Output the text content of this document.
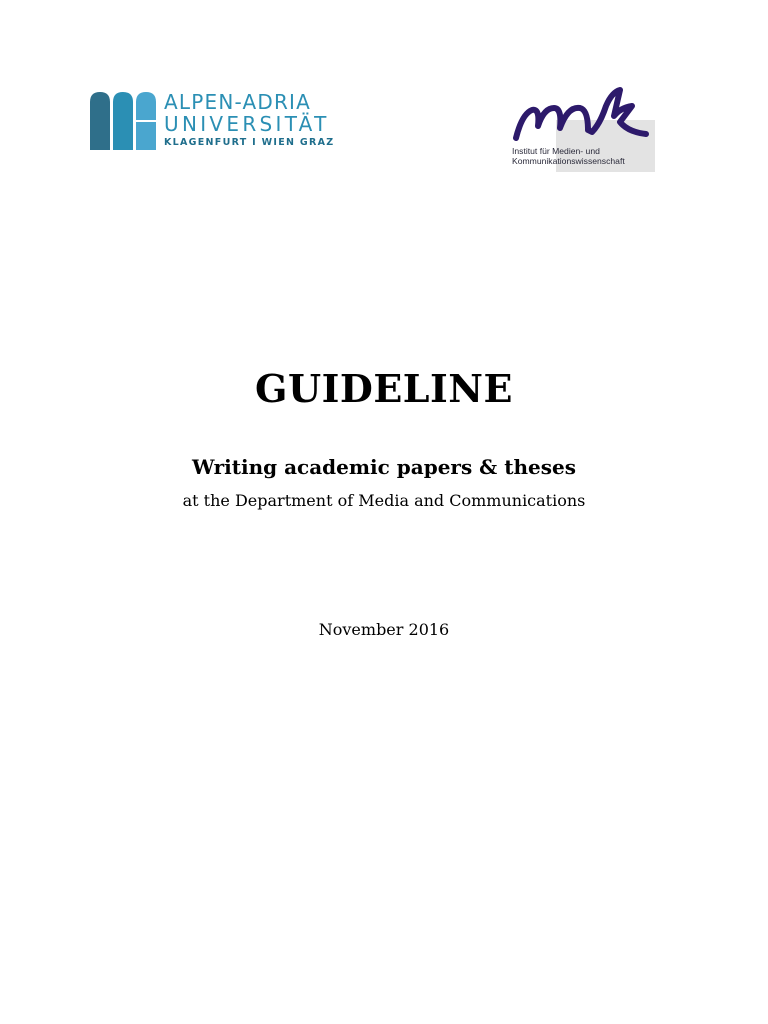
ALPEN-ADRIA
UNIVERSITÄT
KLAGENFURT I WIEN GRAZ
Institut für Medien- und
Kommunikationswissenschaft
GUIDELINE
Writing academic papers & theses

at the Department of Media and Communications

November 2016
